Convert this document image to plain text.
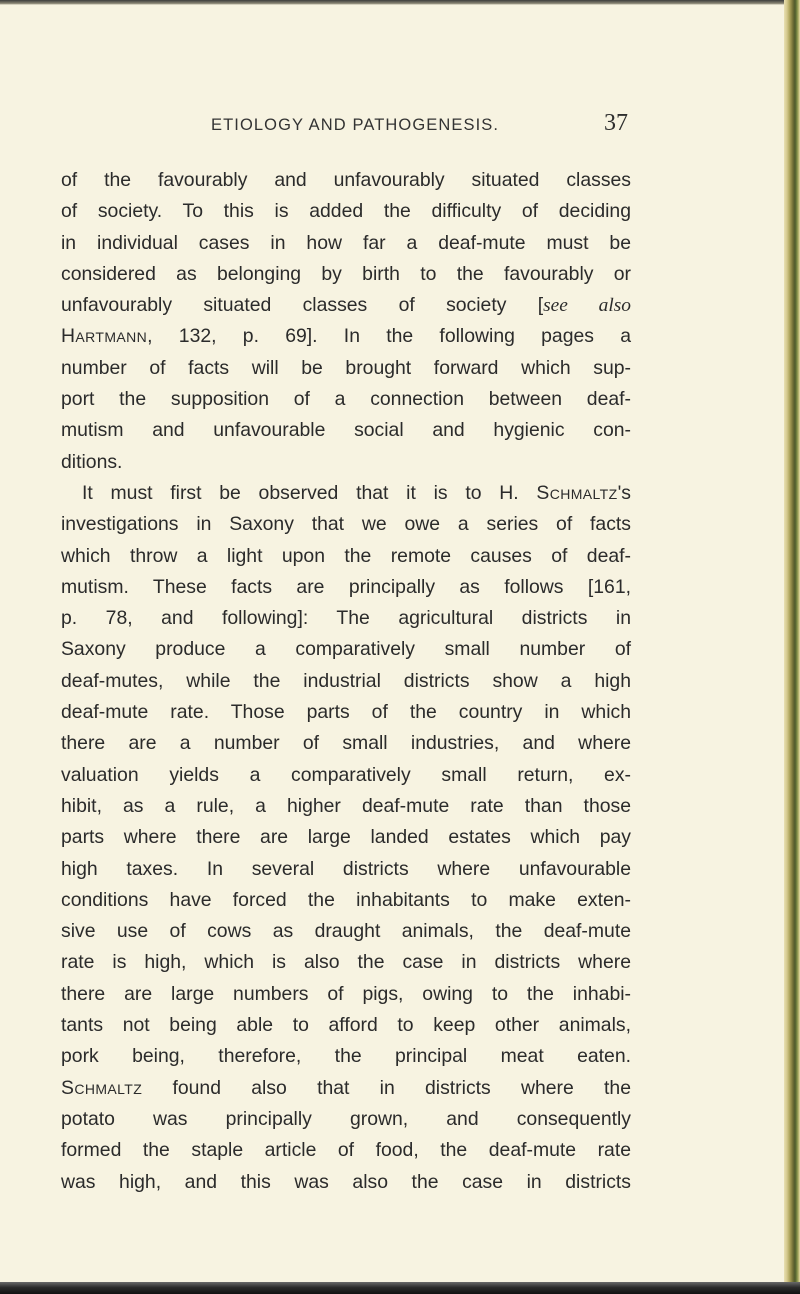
ETIOLOGY AND PATHOGENESIS.	37
of the favourably and unfavourably situated classes
of society. To this is added the difficulty of deciding
in individual cases in how far a deaf-mute must be
considered as belonging by birth to the favourably or
unfavourably situated classes of society [see also
Hartmann, 132, p. 69]. In the following pages a
number of facts will be brought forward which sup-
port the supposition of a connection between deaf-
mutism and unfavourable social and hygienic con-
ditions.
It must first be observed that it is to H. Schmaltz's
investigations in Saxony that we owe a series of facts
which throw a light upon the remote causes of deaf-
mutism. These facts are principally as follows [161,
p. 78, and following]: The agricultural districts in
Saxony produce a comparatively small number of
deaf-mutes, while the industrial districts show a high
deaf-mute rate. Those parts of the country in which
there are a number of small industries, and where
valuation yields a comparatively small return, ex-
hibit, as a rule, a higher deaf-mute rate than those
parts where there are large landed estates which pay
high taxes. In several districts where unfavourable
conditions have forced the inhabitants to make exten-
sive use of cows as draught animals, the deaf-mute
rate is high, which is also the case in districts where
there are large numbers of pigs, owing to the inhabi-
tants not being able to afford to keep other animals,
pork being, therefore, the principal meat eaten.
Schmaltz found also that in districts where the
potato was principally grown, and consequently
formed the staple article of food, the deaf-mute rate
was high, and this was also the case in districts
